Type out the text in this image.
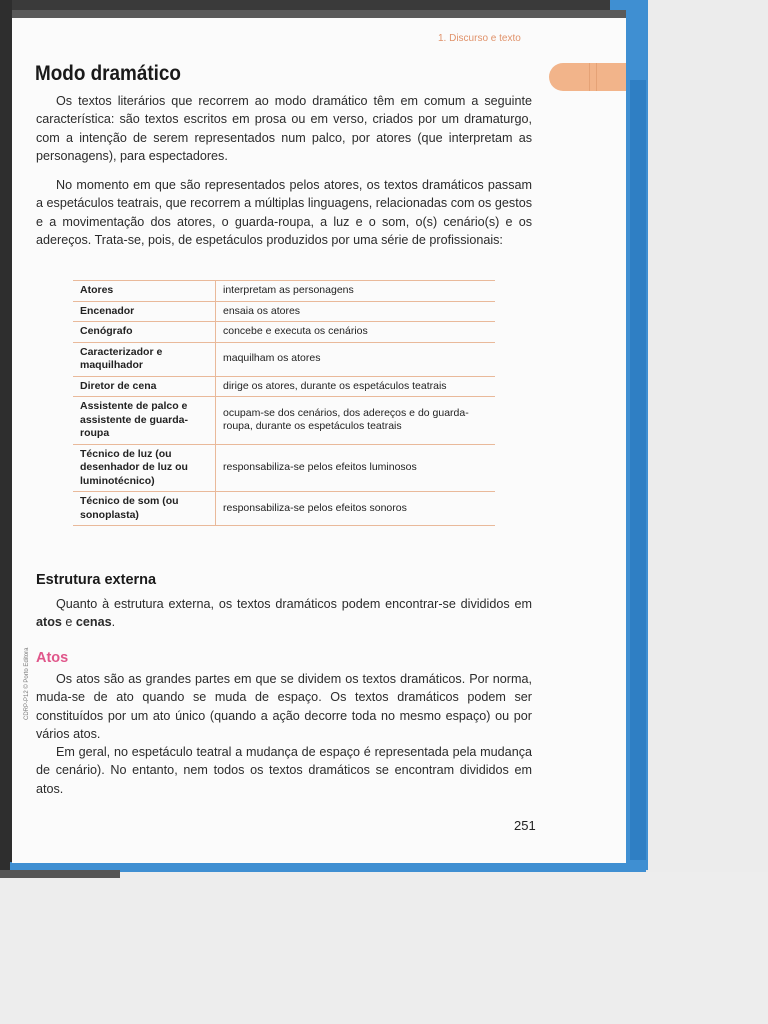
1. Discurso e texto
Modo dramático
Os textos literários que recorrem ao modo dramático têm em comum a seguinte característica: são textos escritos em prosa ou em verso, criados por um dramaturgo, com a intenção de serem representados num palco, por atores (que interpretam as personagens), para espectadores.
No momento em que são representados pelos atores, os textos dramáticos passam a espetáculos teatrais, que recorrem a múltiplas linguagens, relacionadas com os gestos e a movimentação dos atores, o guarda-roupa, a luz e o som, o(s) cenário(s) e os adereços. Trata-se, pois, de espetáculos produzidos por uma série de profissionais:
Atores	interpretam as personagens
Encenador	ensaia os atores
Cenógrafo	concebe e executa os cenários
Caracterizador e maquilhador	maquilham os atores
Diretor de cena	dirige os atores, durante os espetáculos teatrais
Assistente de palco e assistente de guarda-roupa	ocupam-se dos cenários, dos adereços e do guarda-roupa, durante os espetáculos teatrais
Técnico de luz (ou desenhador de luz ou luminotécnico)	responsabiliza-se pelos efeitos luminosos
Técnico de som (ou sonoplasta)	responsabiliza-se pelos efeitos sonoros
Estrutura externa
Quanto à estrutura externa, os textos dramáticos podem encontrar-se divididos em atos e cenas.
Atos
Os atos são as grandes partes em que se dividem os textos dramáticos. Por norma, muda-se de ato quando se muda de espaço. Os textos dramáticos podem ser constituídos por um ato único (quando a ação decorre toda no mesmo espaço) ou por vários atos.
Em geral, no espetáculo teatral a mudança de espaço é representada pela mudança de cenário). No entanto, nem todos os textos dramáticos se encontram divididos em atos.
CDRP-P12 © Porto Editora
251
